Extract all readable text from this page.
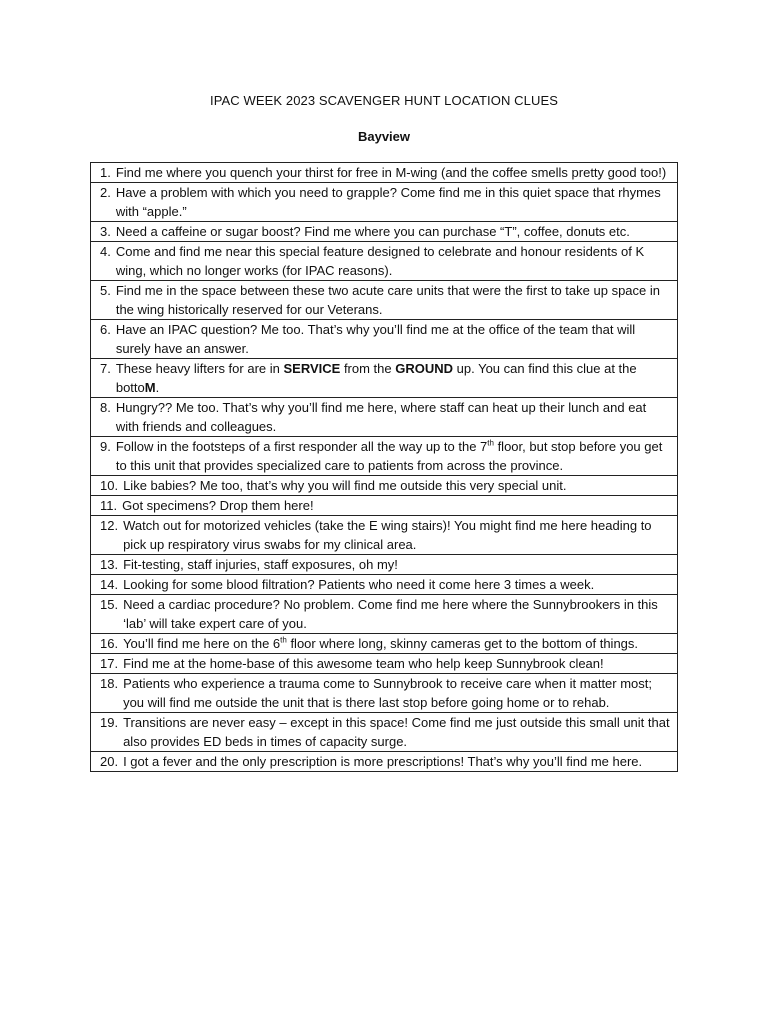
IPAC WEEK 2023 SCAVENGER HUNT LOCATION CLUES
Bayview
1. Find me where you quench your thirst for free in M-wing (and the coffee smells pretty good too!)

2. Have a problem with which you need to grapple? Come find me in this quiet space that rhymes with “apple.”

3. Need a caffeine or sugar boost? Find me where you can purchase “T”, coffee, donuts etc.

4. Come and find me near this special feature designed to celebrate and honour residents of K wing, which no longer works (for IPAC reasons).

5. Find me in the space between these two acute care units that were the first to take up space in the wing historically reserved for our Veterans.

6. Have an IPAC question? Me too. That’s why you’ll find me at the office of the team that will surely have an answer.

7. These heavy lifters for are in SERVICE from the GROUND up. You can find this clue at the bottoM.

8. Hungry?? Me too. That’s why you’ll find me here, where staff can heat up their lunch and eat with friends and colleagues.

9. Follow in the footsteps of a first responder all the way up to the 7th floor, but stop before you get to this unit that provides specialized care to patients from across the province.

10. Like babies? Me too, that’s why you will find me outside this very special unit.

11. Got specimens? Drop them here!

12. Watch out for motorized vehicles (take the E wing stairs)! You might find me here heading to pick up respiratory virus swabs for my clinical area.

13. Fit-testing, staff injuries, staff exposures, oh my!

14. Looking for some blood filtration? Patients who need it come here 3 times a week.

15. Need a cardiac procedure? No problem. Come find me here where the Sunnybrookers in this ‘lab’ will take expert care of you.

16. You’ll find me here on the 6th floor where long, skinny cameras get to the bottom of things.

17. Find me at the home-base of this awesome team who help keep Sunnybrook clean!

18. Patients who experience a trauma come to Sunnybrook to receive care when it matter most; you will find me outside the unit that is there last stop before going home or to rehab.

19. Transitions are never easy – except in this space! Come find me just outside this small unit that also provides ED beds in times of capacity surge.

20. I got a fever and the only prescription is more prescriptions! That’s why you’ll find me here.
